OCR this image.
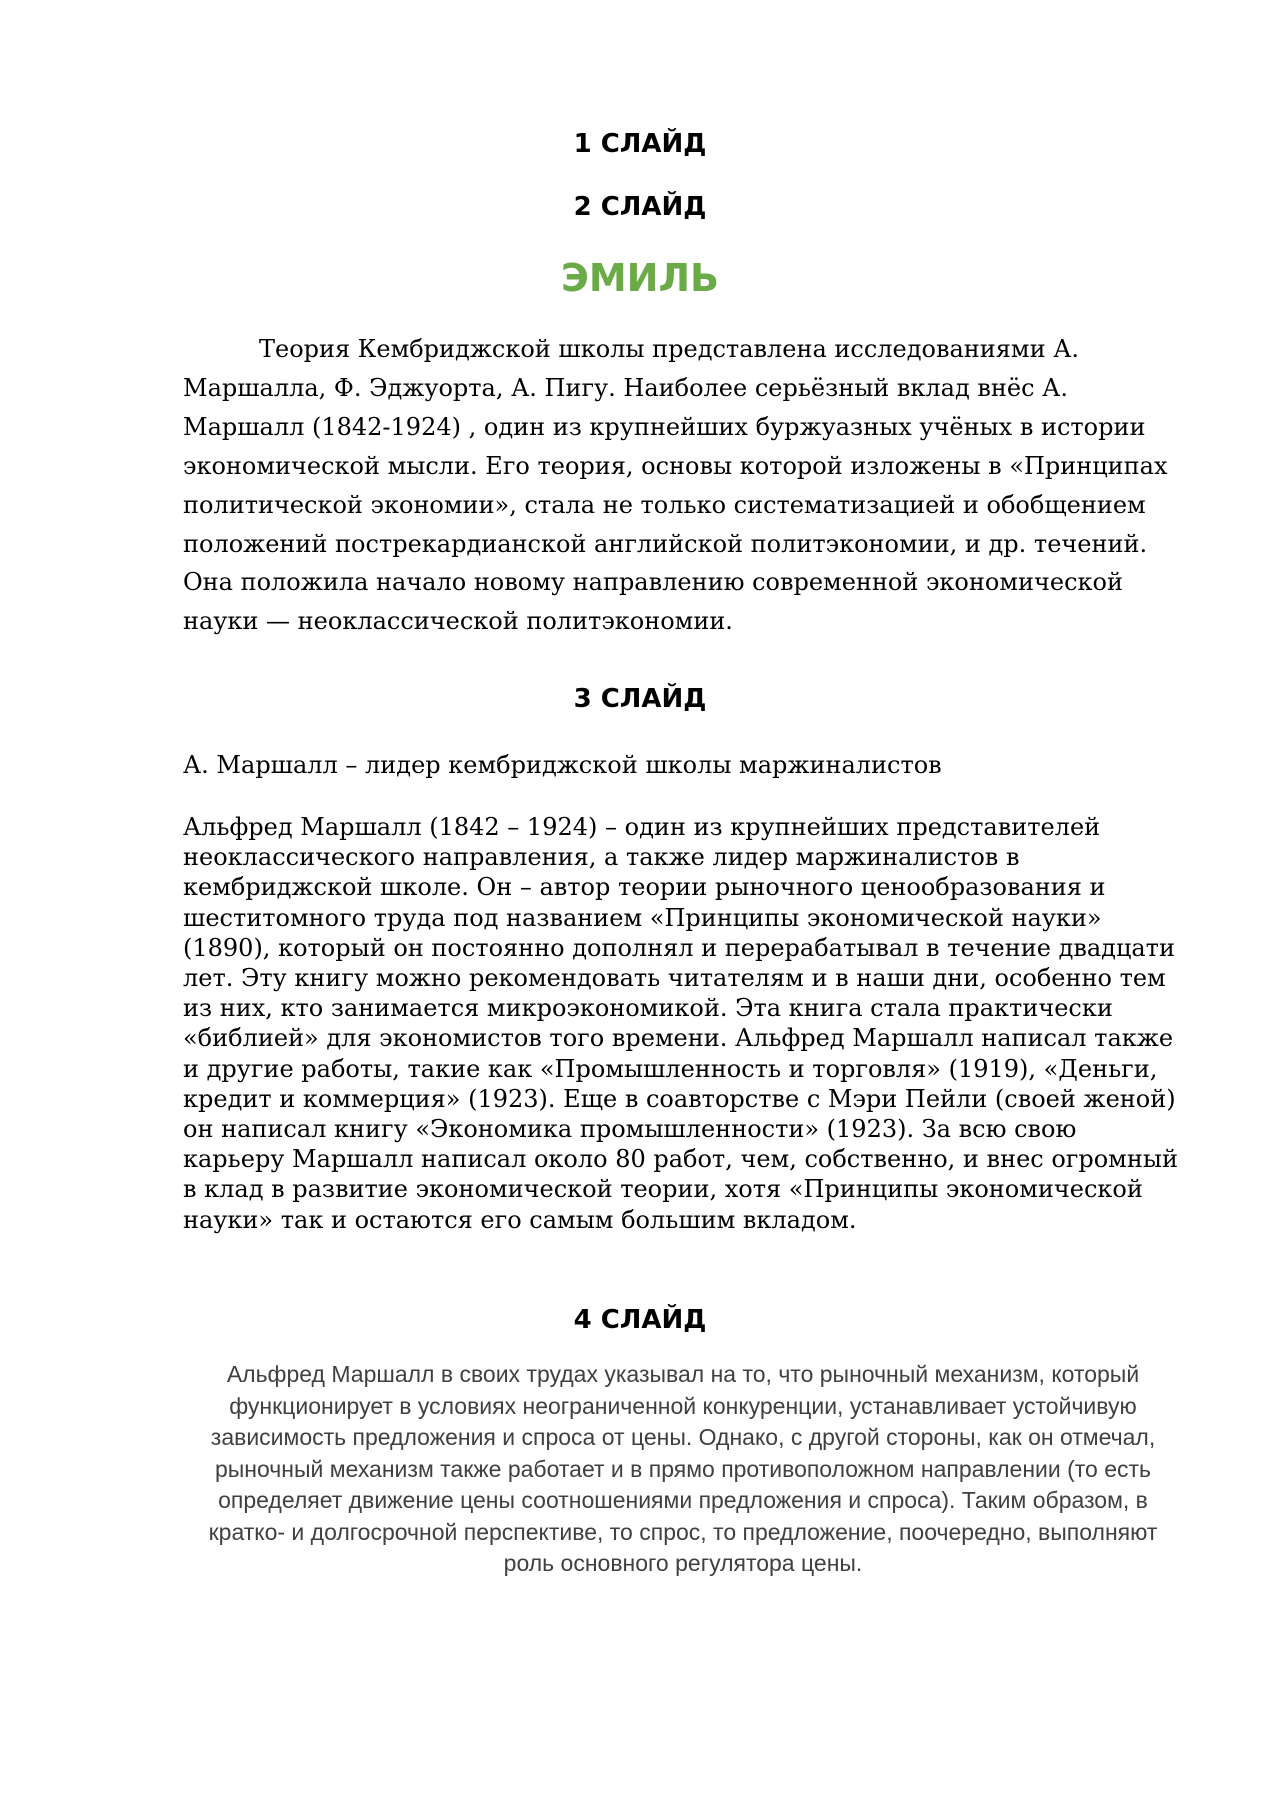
1 СЛАЙД
2 СЛАЙД
ЭМИЛЬ

Теория Кембриджской школы представлена исследованиями А. Маршалла, Ф. Эджуорта, А. Пигу. Наиболее серьёзный вклад внёс А. Маршалл (1842-1924) , один из крупнейших буржуазных учёных в истории экономической мысли. Его теория, основы которой изложены в «Принципах политической экономии», стала не только систематизацией и обобщением положений пострекардианской английской политэкономии, и др. течений. Она положила начало новому направлению современной экономической науки — неоклассической политэкономии.

3 СЛАЙД

А. Маршалл – лидер кембриджской школы маржиналистов

Альфред Маршалл (1842 – 1924) – один из крупнейших представителей неоклассического направления, а также лидер маржиналистов в кембриджской школе. Он – автор теории рыночного ценообразования и шеститомного труда под названием «Принципы экономической науки» (1890), который он постоянно дополнял и перерабатывал в течение двадцати лет. Эту книгу можно рекомендовать читателям и в наши дни, особенно тем из них, кто занимается микроэкономикой. Эта книга стала практически «библией» для экономистов того времени. Альфред Маршалл написал также и другие работы, такие как «Промышленность и торговля» (1919), «Деньги, кредит и коммерция» (1923). Еще в соавторстве с Мэри Пейли (своей женой) он написал книгу «Экономика промышленности» (1923). За всю свою карьеру Маршалл написал около 80 работ, чем, собственно, и внес огромный в клад в развитие экономической теории, хотя «Принципы экономической науки» так и остаются его самым большим вкладом.

4 СЛАЙД

Альфред Маршалл в своих трудах указывал на то, что рыночный механизм, который функционирует в условиях неограниченной конкуренции, устанавливает устойчивую зависимость предложения и спроса от цены. Однако, с другой стороны, как он отмечал, рыночный механизм также работает и в прямо противоположном направлении (то есть определяет движение цены соотношениями предложения и спроса). Таким образом, в кратко- и долгосрочной перспективе, то спрос, то предложение, поочередно, выполняют роль основного регулятора цены.
